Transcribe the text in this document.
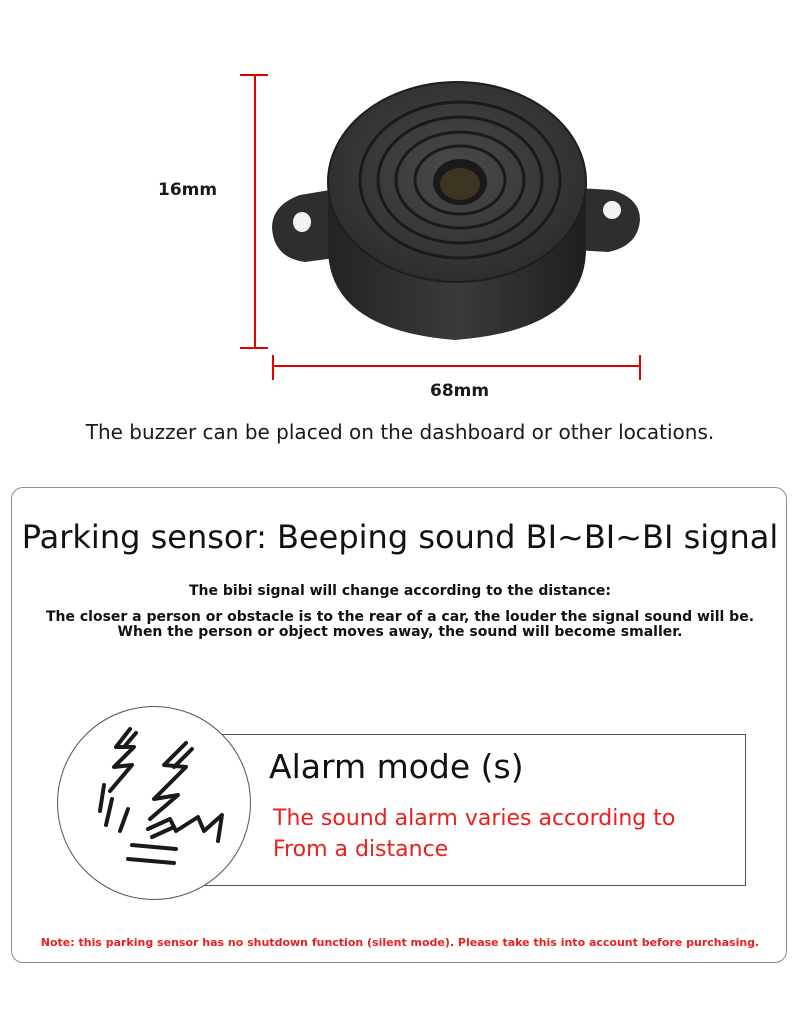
16mm
68mm
The buzzer can be placed on the dashboard or other locations.
Parking sensor: Beeping sound BI~BI~BI signal
The bibi signal will change according to the distance:
The closer a person or obstacle is to the rear of a car, the louder the signal sound will be.
When the person or object moves away, the sound will become smaller.
Alarm mode (s)
The sound alarm varies according to
From a distance
Note: this parking sensor has no shutdown function (silent mode). Please take this into account before purchasing.
